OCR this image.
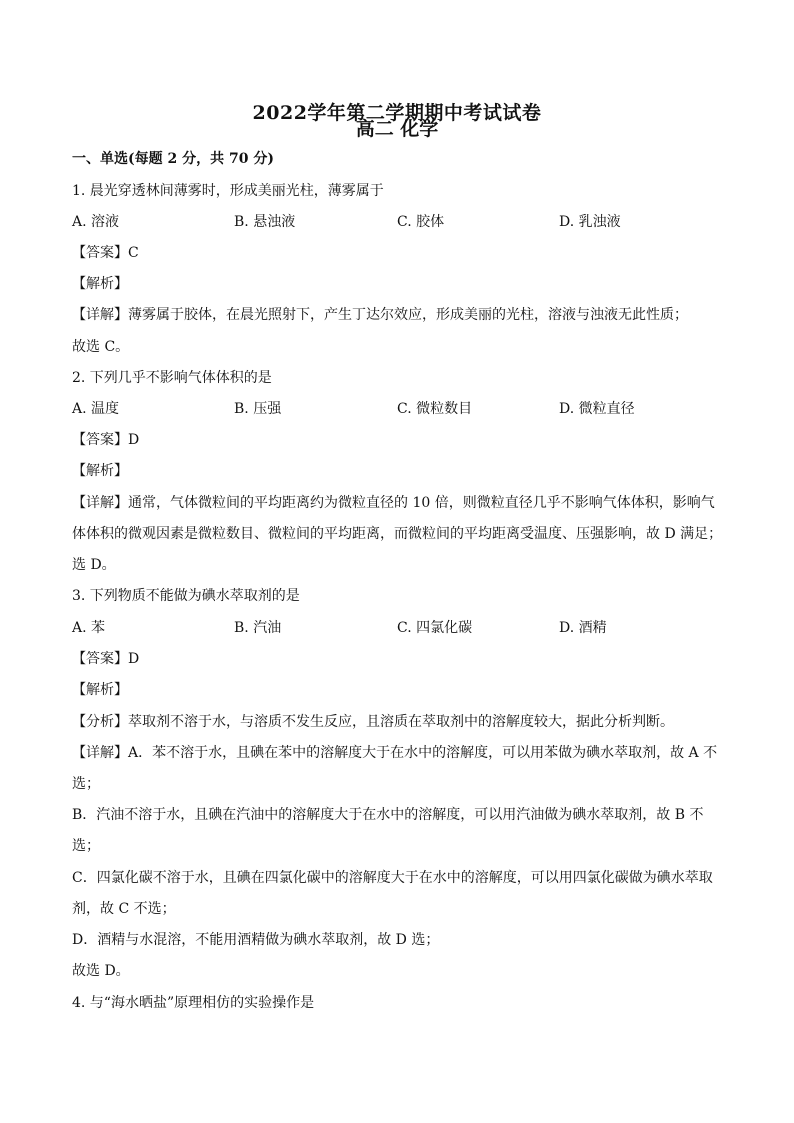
2022学年第二学期期中考试试卷
高二 化学
一、单选(每题 2 分，共 70 分)
1. 晨光穿透林间薄雾时，形成美丽光柱，薄雾属于
A. 溶液	B. 悬浊液	C. 胶体	D. 乳浊液
【答案】C
【解析】
【详解】薄雾属于胶体，在晨光照射下，产生丁达尔效应，形成美丽的光柱，溶液与浊液无此性质；
故选 C。
2. 下列几乎不影响气体体积的是
A. 温度	B. 压强	C. 微粒数目	D. 微粒直径
【答案】D
【解析】
【详解】通常，气体微粒间的平均距离约为微粒直径的 10 倍，则微粒直径几乎不影响气体体积，影响气
体体积的微观因素是微粒数目、微粒间的平均距离，而微粒间的平均距离受温度、压强影响，故 D 满足；
选 D。
3. 下列物质不能做为碘水萃取剂的是
A. 苯	B. 汽油	C. 四氯化碳	D. 酒精
【答案】D
【解析】
【分析】萃取剂不溶于水，与溶质不发生反应，且溶质在萃取剂中的溶解度较大，据此分析判断。
【详解】A．苯不溶于水，且碘在苯中的溶解度大于在水中的溶解度，可以用苯做为碘水萃取剂，故 A 不
选；
B．汽油不溶于水，且碘在汽油中的溶解度大于在水中的溶解度，可以用汽油做为碘水萃取剂，故 B 不
选；
C．四氯化碳不溶于水，且碘在四氯化碳中的溶解度大于在水中的溶解度，可以用四氯化碳做为碘水萃取
剂，故 C 不选；
D．酒精与水混溶，不能用酒精做为碘水萃取剂，故 D 选；
故选 D。
4. 与“海水晒盐”原理相仿的实验操作是
